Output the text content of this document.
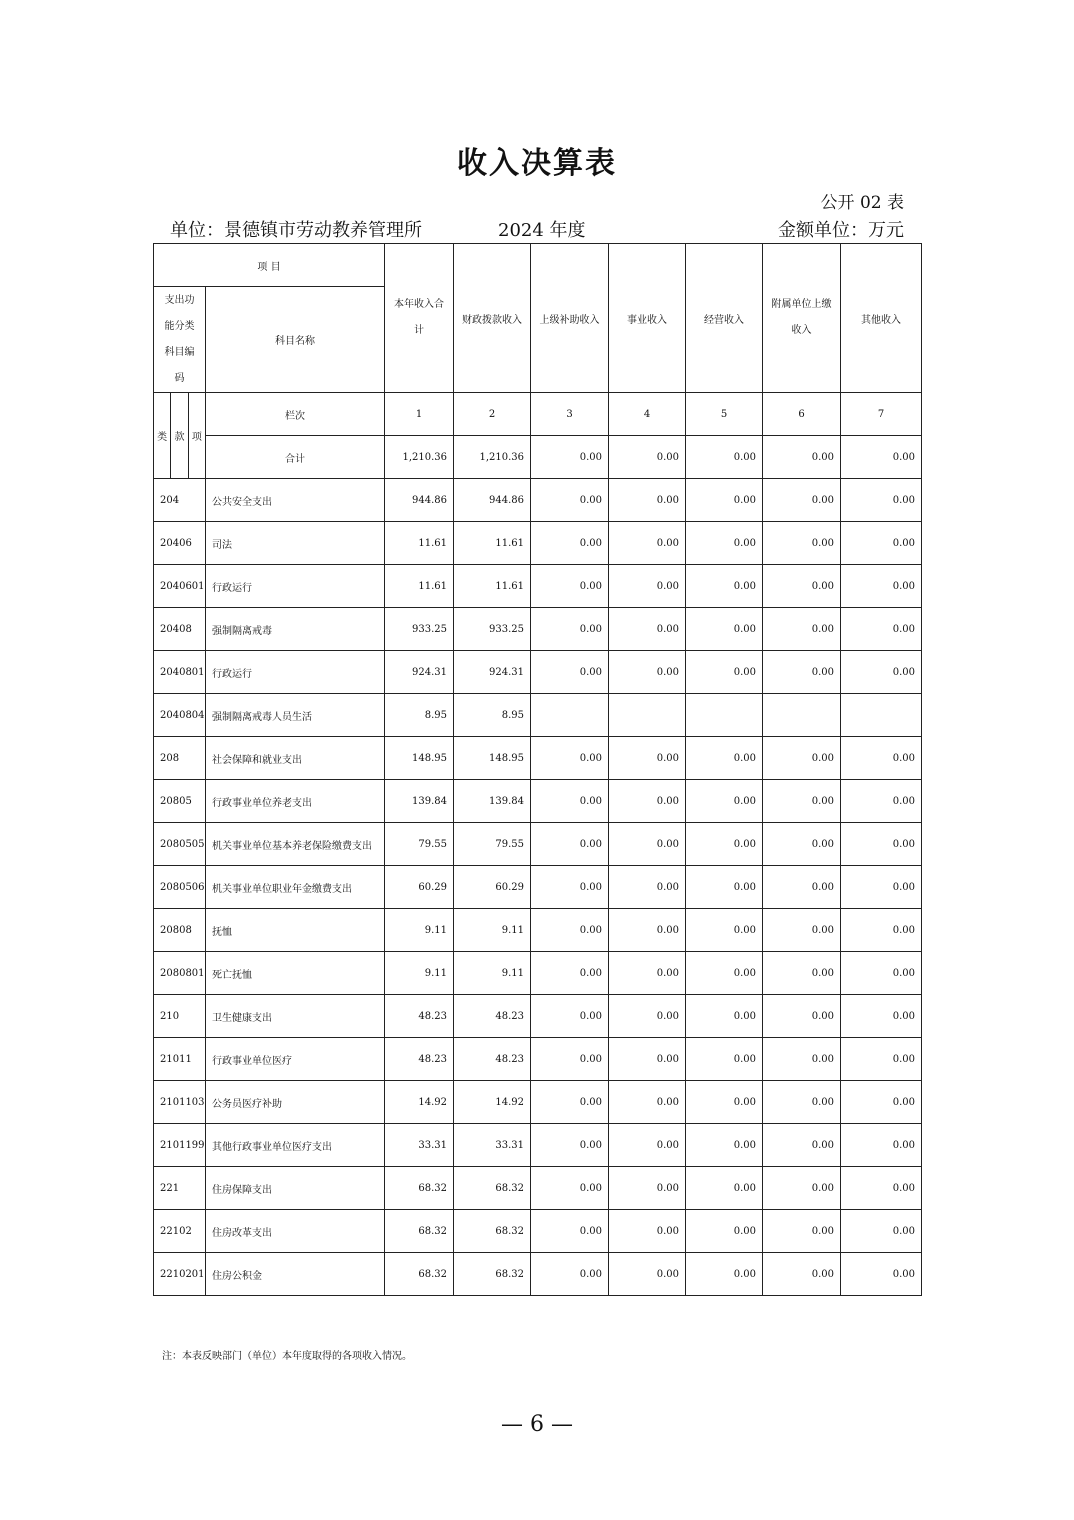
收入决算表
公开 02 表
单位：景德镇市劳动教养管理所	2024 年度	金额单位：万元
项 目		本年收入合计	财政拨款收入	上级补助收入	事业收入	经营收入	附属单位上缴收入	其他收入
支出功能分类科目编码	科目名称							

类 款 项	栏次	1	2	3	4	5	6	7
	合计	1,210.36	1,210.36	0.00	0.00	0.00	0.00	0.00
204	公共安全支出	944.86	944.86	0.00	0.00	0.00	0.00	0.00
20406	司法	11.61	11.61	0.00	0.00	0.00	0.00	0.00
2040601	行政运行	11.61	11.61	0.00	0.00	0.00	0.00	0.00
20408	强制隔离戒毒	933.25	933.25	0.00	0.00	0.00	0.00	0.00
2040801	行政运行	924.31	924.31	0.00	0.00	0.00	0.00	0.00
2040804	强制隔离戒毒人员生活	8.95	8.95					
208	社会保障和就业支出	148.95	148.95	0.00	0.00	0.00	0.00	0.00
20805	行政事业单位养老支出	139.84	139.84	0.00	0.00	0.00	0.00	0.00
2080505	机关事业单位基本养老保险缴费支出	79.55	79.55	0.00	0.00	0.00	0.00	0.00
2080506	机关事业单位职业年金缴费支出	60.29	60.29	0.00	0.00	0.00	0.00	0.00
20808	抚恤	9.11	9.11	0.00	0.00	0.00	0.00	0.00
2080801	死亡抚恤	9.11	9.11	0.00	0.00	0.00	0.00	0.00
210	卫生健康支出	48.23	48.23	0.00	0.00	0.00	0.00	0.00
21011	行政事业单位医疗	48.23	48.23	0.00	0.00	0.00	0.00	0.00
2101103	公务员医疗补助	14.92	14.92	0.00	0.00	0.00	0.00	0.00
2101199	其他行政事业单位医疗支出	33.31	33.31	0.00	0.00	0.00	0.00	0.00
221	住房保障支出	68.32	68.32	0.00	0.00	0.00	0.00	0.00
22102	住房改革支出	68.32	68.32	0.00	0.00	0.00	0.00	0.00
2210201	住房公积金	68.32	68.32	0.00	0.00	0.00	0.00	0.00
注：本表反映部门（单位）本年度取得的各项收入情况。
— 6 —
